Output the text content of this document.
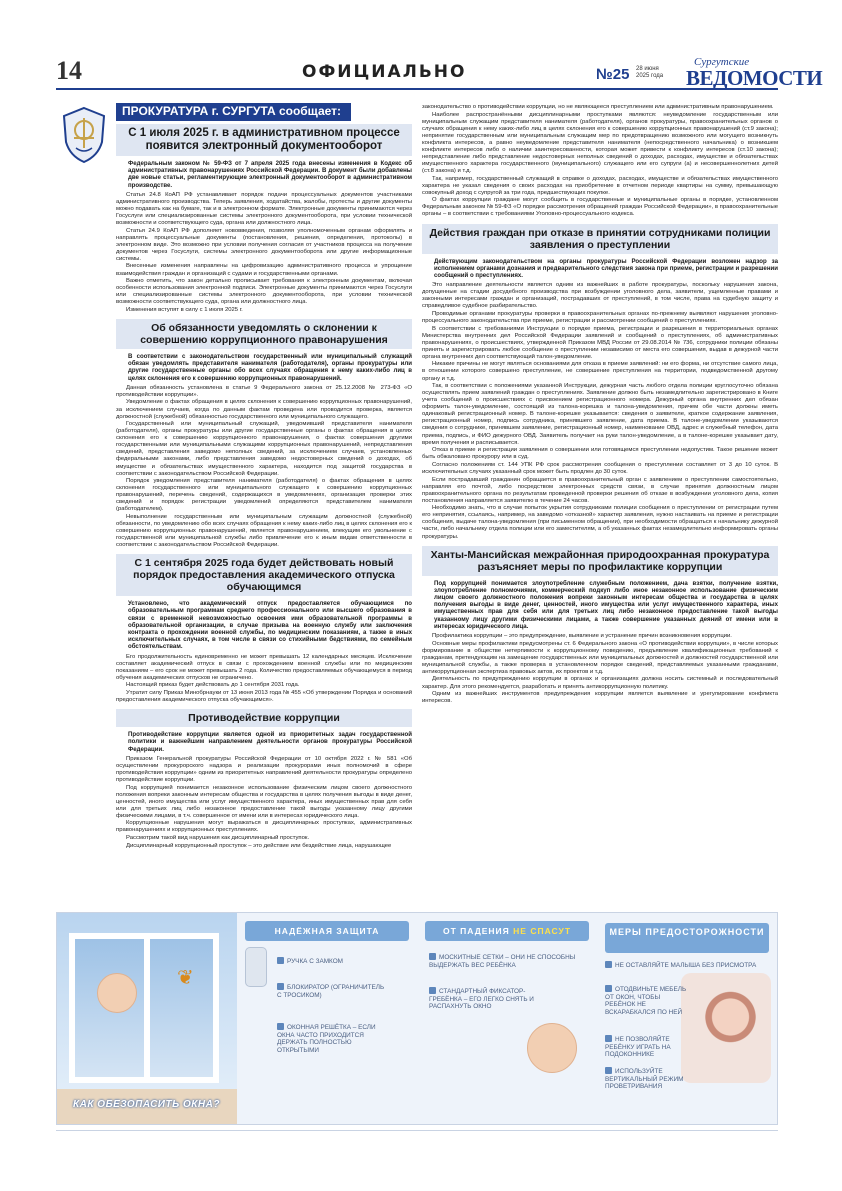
14	ОФИЦИАЛЬНО	№25 28 июня 2025 года
Сургутские
ВЕДОМОСТИ
ПРОКУРАТУРА г. СУРГУТА сообщает:
С 1 июля 2025 г. в административном процессе появится электронный документооборот
Федеральным законом № 59-ФЗ от 7 апреля 2025 года внесены изменения в Кодекс об административных правонарушениях Российской Федерации. В документ были добавлены две новые статьи, регламентирующие электронный документооборот в административном производстве.

Статья 24.8 КоАП РФ устанавливает порядок подачи процессуальных документов участниками административного производства. Теперь заявления, ходатайства, жалобы, протесты и другие документы можно подавать как на бумаге, так и в электронном формате. Электронные документы принимаются через Госуслуги или специализированные системы электронного документооборота, при условии технической возможности и соответствующего суда, органа или должностного лица.

Статья 24.9 КоАП РФ дополняет нововведения, позволяя уполномоченным органам оформлять и направлять процессуальные документы (постановления, решения, определения, протоколы) в электронном виде. Это возможно при условии получения согласия от участников процесса на получение документов через Госуслуги, системы электронного документооборота или другие информационные системы.

Внесенные изменения направлены на цифровизацию административного процесса и упрощение взаимодействия граждан и организаций с судами и государственными органами.

Важно отметить, что закон детально прописывает требования к электронным документам, включая особенности использования электронной подписи. Электронные документы принимаются через Госуслуги или специализированные системы электронного документооборота, при условии технической возможности соответствующего суда, органа или должностного лица.

Изменения вступят в силу с 1 июля 2025 г.

Об обязанности уведомлять о склонении к совершению коррупционного правонарушения
В соответствии с законодательством государственный или муниципальный служащий обязан уведомлять представителя нанимателя (работодателя), органы прокуратуры или другие государственные органы обо всех случаях обращения к нему каких-либо лиц в целях склонения его к совершению коррупционных правонарушений.

Данная обязанность установлена в статье 9 Федерального закона от 25.12.2008 № 273-ФЗ «О противодействии коррупции».

Уведомление о фактах обращения в целях склонения к совершению коррупционных правонарушений, за исключением случаев, когда по данным фактам проведена или проводится проверка, является должностной (служебной) обязанностью государственного или муниципального служащего.

Государственный или муниципальный служащий, уведомивший представителя нанимателя (работодателя), органы прокуратуры или другие государственные органы о фактах обращения в целях склонения его к совершению коррупционного правонарушения, о фактах совершения другими государственными или муниципальными служащими коррупционных правонарушений, непредставления сведений, представления заведомо неполных сведений, за исключением случаев, установленных федеральными законами, либо представления заведомо недостоверных сведений о доходах, об имуществе и обязательствах имущественного характера, находится под защитой государства в соответствии с законодательством Российской Федерации.

Порядок уведомления представителя нанимателя (работодателя) о фактах обращения в целях склонения государственного или муниципального служащего к совершению коррупционных правонарушений, перечень сведений, содержащихся в уведомлениях, организация проверки этих сведений и порядок регистрации уведомлений определяются представителем нанимателя (работодателем).

Невыполнение государственным или муниципальным служащим должностной (служебной) обязанности, по уведомлению обо всех случаях обращения к нему каких-либо лиц в целях склонения его к совершению коррупционных правонарушений, является правонарушением, влекущим его увольнение с государственной или муниципальной службы либо привлечение его к иным видам ответственности в соответствии с законодательством Российской Федерации.

С 1 сентября 2025 года будет действовать новый порядок предоставления академического отпуска обучающимся
Установлено, что академический отпуск предоставляется обучающимся по образовательным программам среднего профессионального или высшего образования в связи с временной невозможностью освоения ими образовательной программы в образовательной организации, в случае призыва на военную службу или заключения контракта о прохождении военной службы, по медицинским показаниям, а также в иных исключительных случаях, в том числе в связи со стихийными бедствиями, по семейным обстоятельствам.

Его продолжительность единовременно не может превышать 12 календарных месяцев. Исключение составляет академический отпуск в связи с прохождением военной службы или по медицинским показаниям – его срок не может превышать 2 года. Количество предоставляемых обучающемуся в период обучения академических отпусков не ограничено.

Настоящий приказ будет действовать до 1 сентября 2031 года.

Утратит силу Приказ Минобрнауки от 13 июня 2013 года № 455 «Об утверждении Порядка и оснований предоставления академического отпуска обучающимся».

Противодействие коррупции
Противодействие коррупции является одной из приоритетных задач государственной политики и важнейшим направлением деятельности органов прокуратуры Российской Федерации.

Приказом Генеральной прокуратуры Российской Федерации от 10 октября 2022 г. № 581 «Об осуществлении прокурорского надзора и реализации прокурорами иных полномочий в сфере противодействия коррупции» одним из приоритетных направлений деятельности прокуратуры определено противодействие коррупции.

Под коррупцией понимается незаконное использование физическим лицом своего должностного положения вопреки законным интересам общества и государства в целях получения выгоды в виде денег, ценностей, иного имущества или услуг имущественного характера, иных имущественных прав для себя или для третьих лиц либо незаконное предоставление такой выгоды указанному лицу другими физическими лицами, в т.ч. совершенное от имени или в интересах юридического лица.

Коррупционные нарушения могут выражаться в дисциплинарных проступках, административных правонарушениях и коррупционных преступлениях.

Рассмотрим такой вид нарушения как дисциплинарный проступок.

Дисциплинарный коррупционный проступок – это действие или бездействие лица, нарушающее

законодательство о противодействии коррупции, но не являющееся преступлением или административным правонарушением.

Наиболее распространёнными дисциплинарными проступками являются: неуведомление государственным или муниципальным служащим представителя нанимателя (работодателя), органов прокуратуры, правоохранительных органов о случаях обращения к нему каких-либо лиц в целях склонения его к совершению коррупционных правонарушений (ст.9 закона); непринятие государственным или муниципальным служащим мер по предотвращению возможного или могущего возникнуть конфликта интересов, а равно неуведомление представителя нанимателя (непосредственного начальника) о возникшем конфликте интересов либо о наличии заинтересованности, которая может привести к конфликту интересов (ст.10 закона); непредставление либо представление недостоверных неполных сведений о доходах, расходах, имуществе и обязательствах имущественного характера государственного (муниципального) служащего или его супруги (а) и несовершеннолетних детей (ст.8 закона) и т.д.

Так, например, государственный служащий в справке о доходах, расходах, имуществе и обязательствах имущественного характера не указал сведения о своих расходах на приобретение в отчетном периоде квартиры на сумму, превышающую совокупный доход с супругой за три года, предшествующих покупке.

О фактах коррупции граждане могут сообщить в государственные и муниципальные органы в порядке, установленном Федеральным законом № 59-ФЗ «О порядке рассмотрения обращений граждан Российской Федерации», в правоохранительные органы – в соответствии с требованиями Уголовно-процессуального кодекса.

Действия граждан при отказе в принятии сотрудниками полиции заявления о преступлении
Действующим законодательством на органы прокуратуры Российской Федерации возложен надзор за исполнением органами дознания и предварительного следствия закона при приеме, регистрации и разрешении сообщений о преступлениях.

Это направление деятельности является одним из важнейших в работе прокуратуры, поскольку нарушения закона, допущенные на стадии досудебного производства при возбуждении уголовного дела, заявители, ущемленные правами и законными интересами граждан и организаций, пострадавших от преступлений, в том числе, права на судебную защиту и справедливое судебное разбирательство.

Проводимые органами прокуратуры проверки в правоохранительных органах по-прежнему выявляют нарушения уголовно-процессуального законодательства при приеме, регистрации и рассмотрении сообщений о преступлениях.

В соответствии с требованиями Инструкции о порядке приема, регистрации и разрешения в территориальных органах Министерства внутренних дел Российской Федерации заявлений и сообщений о преступлениях, об административных правонарушениях, о происшествиях, утвержденной Приказом МВД России от 29.08.2014 № 736, сотрудники полиции обязаны принять и зарегистрировать любое сообщение о преступлении независимо от места его совершения, выдав в дежурной части органа внутренних дел соответствующий талон-уведомление.

Никакие причины не могут являться основаниями для отказа в приеме заявлений: ни его форма, ни отсутствие самого лица, в отношении которого совершено преступление, не совершение преступления на территории, подведомственной другому органу и т.д.

Так, в соответствии с положениями указанной Инструкции, дежурная часть любого отдела полиции круглосуточно обязана осуществлять прием заявлений граждан о преступлениях. Заявление должно быть незамедлительно зарегистрировано в Книге учета сообщений о происшествиях с присвоением регистрационного номера. Дежурный органа внутренних дел обязан оформить талон-уведомление, состоящий из талона-корешка и талона-уведомления, причем обе части должны иметь одинаковый регистрационный номер. В талоне-корешке указывается: сведения о заявителе, краткое содержание заявления, регистрационный номер, подпись сотрудника, принявшего заявление, дата приема. В талоне-уведомлении указываются сведения о сотруднике, принявшем заявление, регистрационный номер, наименование ОВД, адрес и служебный телефон, дата приема, подпись, и ФИО дежурного ОВД. Заявитель получает на руки талон-уведомление, а в талоне-корешке указывает дату, время получения и расписывается.

Отказ в приеме и регистрации заявления о совершении или готовящемся преступлении недопустим. Такое решение может быть обжаловано прокурору или в суд.

Согласно положениям ст. 144 УПК РФ срок рассмотрения сообщения о преступлении составляет от 3 до 10 суток. В исключительных случаях указанный срок может быть продлен до 30 суток.

Если пострадавший гражданин обращается в правоохранительный орган с заявлением о преступлении самостоятельно, направляя его почтой, либо посредством электронных средств связи, в случае принятия должностным лицом правоохранительного органа по результатам проведенной проверки решения об отказе в возбуждении уголовного дела, копия постановления направляется заявителю в течение 24 часов.

Необходимо знать, что в случае попыток укрытия сотрудниками полиции сообщения о преступлении от регистрации путем его непринятия, ссылаясь, например, на заведомо «отказной» характер заявления, нужно настаивать на приеме и регистрации сообщения, выдаче талона-уведомления (при письменном обращении), при необходимости обращаться к начальнику дежурной части, либо начальнику отдела полиции или его заместителям, а об указанных фактах незамедлительно информировать органы прокуратуры.

Ханты-Мансийская межрайонная природоохранная прокуратура разъясняет меры по профилактике коррупции
Под коррупцией понимается злоупотребление служебным положением, дача взятки, получение взятки, злоупотребление полномочиями, коммерческий подкуп либо иное незаконное использование физическим лицом своего должностного положения вопреки законным интересам общества и государства в целях получения выгоды в виде денег, ценностей, иного имущества или услуг имущественного характера, иных имущественных прав для себя или для третьих лиц либо незаконное предоставление такой выгоды указанному лицу другими физическими лицами, а также совершение указанных деяний от имени или в интересах юридического лица.

Профилактика коррупции – это предупреждение, выявление и устранение причин возникновения коррупции.

Основные меры профилактики предусмотрены ст. 6 Федерального закона «О противодействии коррупции», в числе которых формирование в обществе нетерпимости к коррупционному поведению, предъявление квалификационных требований к гражданам, претендующим на замещение государственных или муниципальных должностей и должностей государственной или муниципальной службы, а также проверка в установленном порядке сведений, представляемых указанными гражданами, антикоррупционная экспертиза правовых актов, их проектов и т.д.

Деятельность по предупреждению коррупции в органах и организациях должна носить системный и последовательный характер. Для этого рекомендуется, разработать и принять антикоррупционную политику.

Одним из важнейших инструментов предупреждения коррупции является выявление и урегулирование конфликта интересов.

❦
КАК ОБЕЗОПАСИТЬ ОКНА?
НАДЁЖНАЯ ЗАЩИТА
РУЧКА С ЗАМКОМ
БЛОКИРАТОР (ОГРАНИЧИТЕЛЬ С ТРОСИКОМ)
ОКОННАЯ РЕШЁТКА – ЕСЛИ ОКНА ЧАСТО ПРИХОДИТСЯ ДЕРЖАТЬ ПОЛНОСТЬЮ ОТКРЫТЫМИ
ОТ ПАДЕНИЯ НЕ СПАСУТ
МОСКИТНЫЕ СЕТКИ – ОНИ НЕ СПОСОБНЫ ВЫДЕРЖАТЬ ВЕС РЕБЁНКА
СТАНДАРТНЫЙ ФИКСАТОР-ГРЕБЁНКА – ЕГО ЛЕГКО СНЯТЬ И РАСПАХНУТЬ ОКНО
МЕРЫ ПРЕДОСТОРОЖНОСТИ
НЕ ОСТАВЛЯЙТЕ МАЛЫША БЕЗ ПРИСМОТРА
ОТОДВИНЬТЕ МЕБЕЛЬ ОТ ОКОН, ЧТОБЫ РЕБЁНОК НЕ ВСКАРАБКАЛСЯ ПО НЕЙ
НЕ ПОЗВОЛЯЙТЕ РЕБЁНКУ ИГРАТЬ НА ПОДОКОННИКЕ
ИСПОЛЬЗУЙТЕ ВЕРТИКАЛЬНЫЙ РЕЖИМ ПРОВЕТРИВАНИЯ
